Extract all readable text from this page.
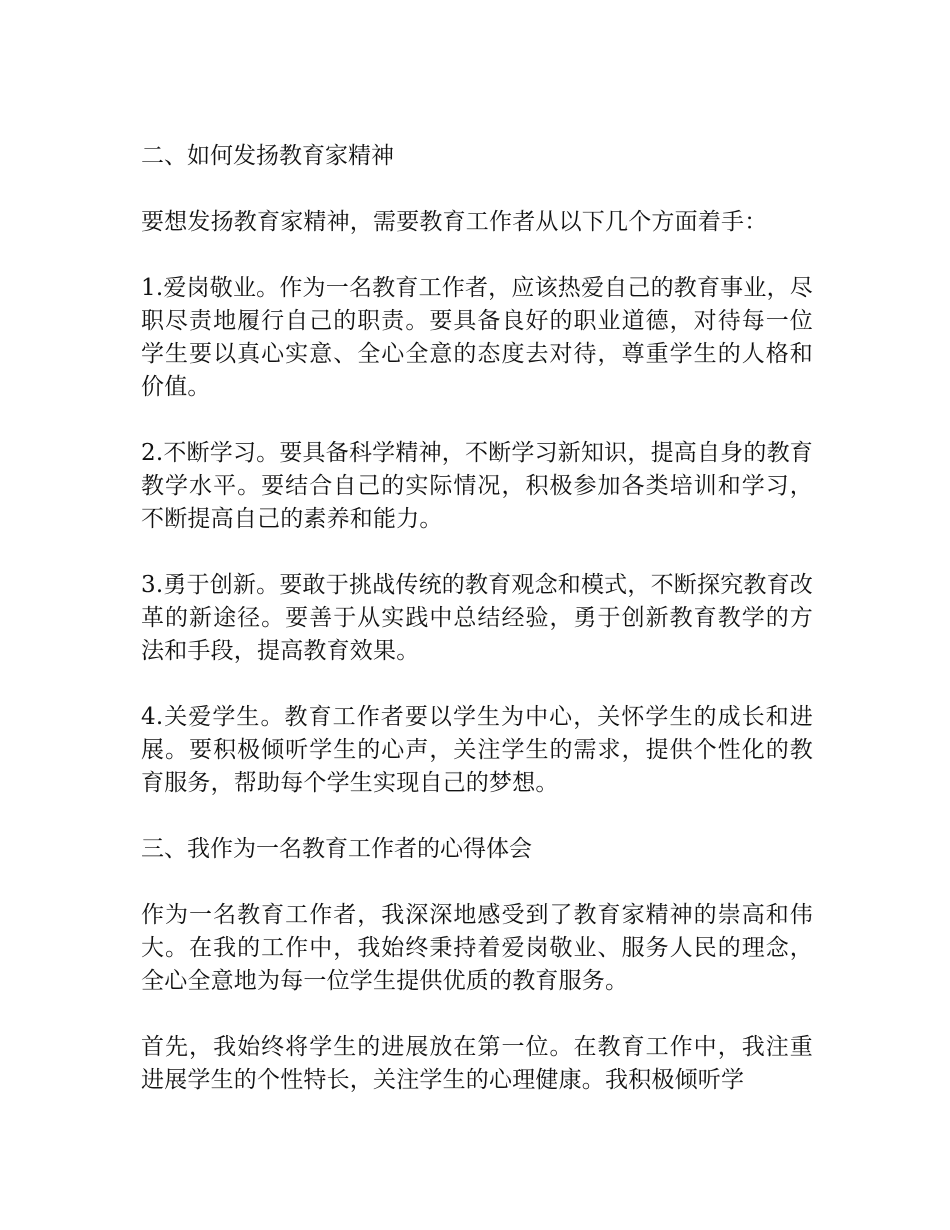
二、如何发扬教育家精神

要想发扬教育家精神，需要教育工作者从以下几个方面着手：

1.爱岗敬业。作为一名教育工作者，应该热爱自己的教育事业，尽职尽责地履行自己的职责。要具备良好的职业道德，对待每一位学生要以真心实意、全心全意的态度去对待，尊重学生的人格和价值。

2.不断学习。要具备科学精神，不断学习新知识，提高自身的教育教学水平。要结合自己的实际情况，积极参加各类培训和学习，不断提高自己的素养和能力。

3.勇于创新。要敢于挑战传统的教育观念和模式，不断探究教育改革的新途径。要善于从实践中总结经验，勇于创新教育教学的方法和手段，提高教育效果。

4.关爱学生。教育工作者要以学生为中心，关怀学生的成长和进展。要积极倾听学生的心声，关注学生的需求，提供个性化的教育服务，帮助每个学生实现自己的梦想。

三、我作为一名教育工作者的心得体会

作为一名教育工作者，我深深地感受到了教育家精神的崇高和伟大。在我的工作中，我始终秉持着爱岗敬业、服务人民的理念，全心全意地为每一位学生提供优质的教育服务。

首先，我始终将学生的进展放在第一位。在教育工作中，我注重进展学生的个性特长，关注学生的心理健康。我积极倾听学
